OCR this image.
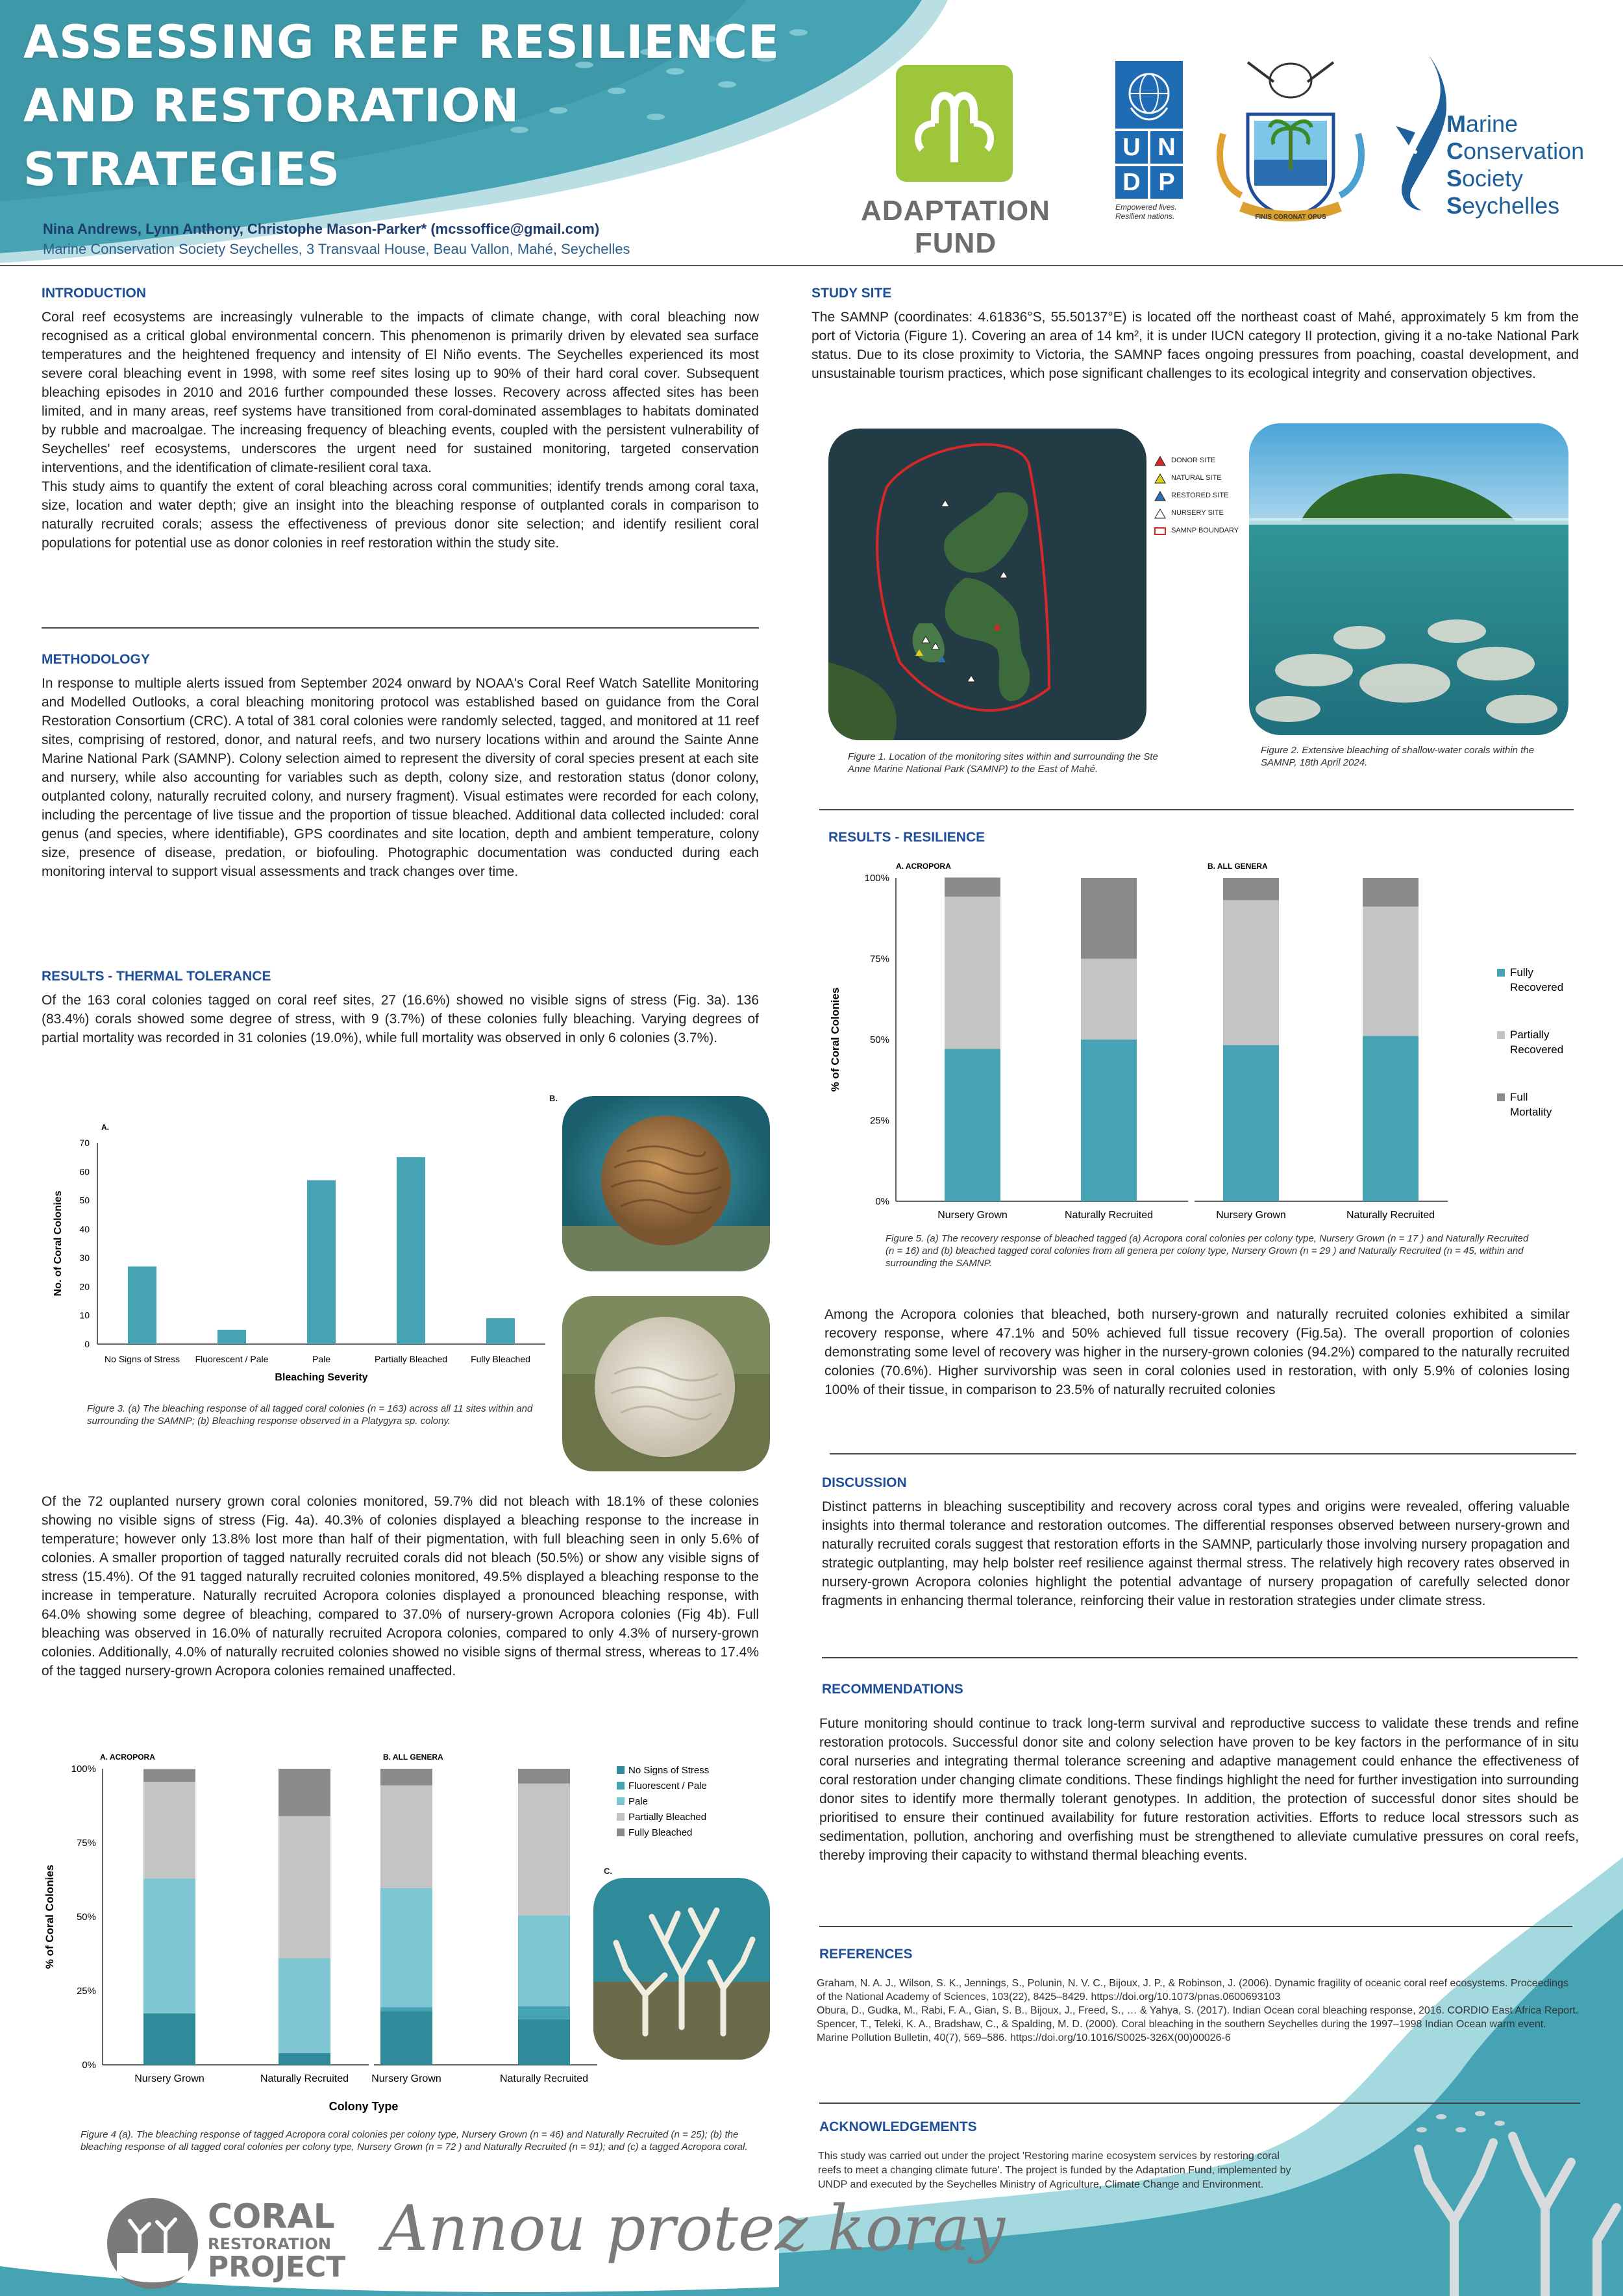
ASSESSING REEF RESILIENCE
AND RESTORATION
STRATEGIES
Nina Andrews, Lynn Anthony, Christophe Mason-Parker* (mcssoffice@gmail.com)
Marine Conservation Society Seychelles, 3 Transvaal House, Beau Vallon, Mahé, Seychelles
ADAPTATION FUND
U N
D P
Empowered lives.
Resilient nations.	FINIS CORONAT OPUS
Marine
Conservation
Society
Seychelles
INTRODUCTION

Coral reef ecosystems are increasingly vulnerable to the impacts of climate change, with coral bleaching now recognised as a critical global environmental concern. This phenomenon is primarily driven by elevated sea surface temperatures and the heightened frequency and intensity of El Niño events. The Seychelles experienced its most severe coral bleaching event in 1998, with some reef sites losing up to 90% of their hard coral cover. Subsequent bleaching episodes in 2010 and 2016 further compounded these losses. Recovery across affected sites has been limited, and in many areas, reef systems have transitioned from coral-dominated assemblages to habitats dominated by rubble and macroalgae. The increasing frequency of bleaching events, coupled with the persistent vulnerability of Seychelles' reef ecosystems, underscores the urgent need for sustained monitoring, targeted conservation interventions, and the identification of climate-resilient coral taxa.

This study aims to quantify the extent of coral bleaching across coral communities; identify trends among coral taxa, size, location and water depth; give an insight into the bleaching response of outplanted corals in comparison to naturally recruited corals; assess the effectiveness of previous donor site selection; and identify resilient coral populations for potential use as donor colonies in reef restoration within the study site.

METHODOLOGY
In response to multiple alerts issued from September 2024 onward by NOAA's Coral Reef Watch Satellite Monitoring and Modelled Outlooks, a coral bleaching monitoring protocol was established based on guidance from the Coral Restoration Consortium (CRC). A total of 381 coral colonies were randomly selected, tagged, and monitored at 11 reef sites, comprising of restored, donor, and natural reefs, and two nursery locations within and around the Sainte Anne Marine National Park (SAMNP). Colony selection aimed to represent the diversity of coral species present at each site and nursery, while also accounting for variables such as depth, colony size, and restoration status (donor colony, outplanted colony, naturally recruited colony, and nursery fragment). Visual estimates were recorded for each colony, including the percentage of live tissue and the proportion of tissue bleached. Additional data collected included: coral genus (and species, where identifiable), GPS coordinates and site location, depth and ambient temperature, colony size, presence of disease, predation, or biofouling. Photographic documentation was conducted during each monitoring interval to support visual assessments and track changes over time.
RESULTS - THERMAL TOLERANCE
Of the 163 coral colonies tagged on coral reef sites, 27 (16.6%) showed no visible signs of stress (Fig. 3a). 136 (83.4%) corals showed some degree of stress, with 9 (3.7%) of these colonies fully bleaching. Varying degrees of partial mortality was recorded in 31 colonies (19.0%), while full mortality was observed in only 6 colonies (3.7%).
A.
0
10
20
30
40
50
60
70
No Signs of Stress Fluorescent / Pale	Pale	Partially Bleached	Fully Bleached
Bleaching Severity
No. of Coral Colonies
Figure 3. (a) The bleaching response of all tagged coral colonies (n = 163) across all 11 sites within and surrounding the SAMNP; (b) Bleaching response observed in a Platygyra sp. colony.
B.
Of the 72 ouplanted nursery grown coral colonies monitored, 59.7% did not bleach with 18.1% of these colonies showing no visible signs of stress (Fig. 4a). 40.3% of colonies displayed a bleaching response to the increase in temperature; however only 13.8% lost more than half of their pigmentation, with full bleaching seen in only 5.6% of colonies. A smaller proportion of tagged naturally recruited corals did not bleach (50.5%) or show any visible signs of stress (15.4%). Of the 91 tagged naturally recruited colonies monitored, 49.5% displayed a bleaching response to the increase in temperature. Naturally recruited Acropora colonies displayed a pronounced bleaching response, with 64.0% showing some degree of bleaching, compared to 37.0% of nursery-grown Acropora colonies (Fig 4b). Full bleaching was observed in 16.0% of naturally recruited Acropora colonies, compared to only 4.3% of nursery-grown colonies. Additionally, 4.0% of naturally recruited colonies showed no visible signs of thermal stress, whereas to 17.4% of the tagged nursery-grown Acropora colonies remained unaffected.
A. ACROPORA	B. ALL GENERA
0%
25%
50%
75%
100%
Nursery Grown	Naturally Recruited Nursery Grown	Naturally Recruited
Colony Type
% of Coral Colonies
No Signs of Stress
Fluorescent / Pale
Pale
Partially Bleached
Fully Bleached
C.
Figure 4 (a). The bleaching response of tagged Acropora coral colonies per colony type, Nursery Grown (n = 46) and Naturally Recruited (n = 25); (b) the bleaching response of all tagged coral colonies per colony type, Nursery Grown (n = 72 ) and Naturally Recruited (n = 91); and (c) a tagged Acropora coral.
STUDY SITE
The SAMNP (coordinates: 4.61836°S, 55.50137°E) is located off the northeast coast of Mahé, approximately 5 km from the port of Victoria (Figure 1). Covering an area of 14 km², it is under IUCN category II protection, giving it a no-take National Park status. Due to its close proximity to Victoria, the SAMNP faces ongoing pressures from poaching, coastal development, and unsustainable tourism practices, which pose significant challenges to its ecological integrity and conservation objectives.
DONOR SITE
NATURAL SITE
RESTORED SITE
NURSERY SITE
SAMNP BOUNDARY
Figure 1. Location of the monitoring sites within and surrounding the Ste Anne Marine National Park (SAMNP) to the East of Mahé.
Figure 2. Extensive bleaching of shallow-water corals within the SAMNP, 18th April 2024.
RESULTS - RESILIENCE
A. ACROPORA	B. ALL GENERA
0%
25%
50%
75%
100%
Nursery Grown	Naturally Recruited	Nursery Grown	Naturally Recruited
% of Coral Colonies
Fully
Recovered
Partially
Recovered
Full
Mortality
Figure 5. (a) The recovery response of bleached tagged (a) Acropora coral colonies per colony type, Nursery Grown (n = 17 ) and Naturally Recruited (n = 16) and (b) bleached tagged coral colonies from all genera per colony type, Nursery Grown (n = 29 ) and Naturally Recruited (n = 45, within and surrounding the SAMNP.
Among the Acropora colonies that bleached, both nursery-grown and naturally recruited colonies exhibited a similar recovery response, where 47.1% and 50% achieved full tissue recovery (Fig.5a). The overall proportion of colonies demonstrating some level of recovery was higher in the nursery-grown colonies (94.2%) compared to the naturally recruited colonies (70.6%). Higher survivorship was seen in coral colonies used in restoration, with only 5.9% of colonies losing 100% of their tissue, in comparison to 23.5% of naturally recruited colonies
DISCUSSION
Distinct patterns in bleaching susceptibility and recovery across coral types and origins were revealed, offering valuable insights into thermal tolerance and restoration outcomes. The differential responses observed between nursery-grown and naturally recruited corals suggest that restoration efforts in the SAMNP, particularly those involving nursery propagation and strategic outplanting, may help bolster reef resilience against thermal stress. The relatively high recovery rates observed in nursery-grown Acropora colonies highlight the potential advantage of nursery propagation of carefully selected donor fragments in enhancing thermal tolerance, reinforcing their value in restoration strategies under climate stress.
RECOMMENDATIONS
Future monitoring should continue to track long-term survival and reproductive success to validate these trends and refine restoration protocols. Successful donor site and colony selection have proven to be key factors in the performance of in situ coral nurseries and integrating thermal tolerance screening and adaptive management could enhance the effectiveness of coral restoration under changing climate conditions. These findings highlight the need for further investigation into surrounding donor sites to identify more thermally tolerant genotypes. In addition, the protection of successful donor sites should be prioritised to ensure their continued availability for future restoration activities. Efforts to reduce local stressors such as sedimentation, pollution, anchoring and overfishing must be strengthened to alleviate cumulative pressures on coral reefs, thereby improving their capacity to withstand thermal bleaching events.
REFERENCES

Graham, N. A. J., Wilson, S. K., Jennings, S., Polunin, N. V. C., Bijoux, J. P., & Robinson, J. (2006). Dynamic fragility of oceanic coral reef ecosystems. Proceedings of the National Academy of Sciences, 103(22), 8425–8429. https://doi.org/10.1073/pnas.0600693103

Obura, D., Gudka, M., Rabi, F. A., Gian, S. B., Bijoux, J., Freed, S., … & Yahya, S. (2017). Indian Ocean coral bleaching response, 2016. CORDIO East Africa Report.

Spencer, T., Teleki, K. A., Bradshaw, C., & Spalding, M. D. (2000). Coral bleaching in the southern Seychelles during the 1997–1998 Indian Ocean warm event. Marine Pollution Bulletin, 40(7), 569–586. https://doi.org/10.1016/S0025-326X(00)00026-6

ACKNOWLEDGEMENTS
This study was carried out under the project 'Restoring marine ecosystem services by restoring coral reefs to meet a changing climate future'. The project is funded by the Adaptation Fund, implemented by UNDP and executed by the Seychelles Ministry of Agriculture, Climate Change and Environment.
CORAL
RESTORATION
PROJECT
Annou protez koray
